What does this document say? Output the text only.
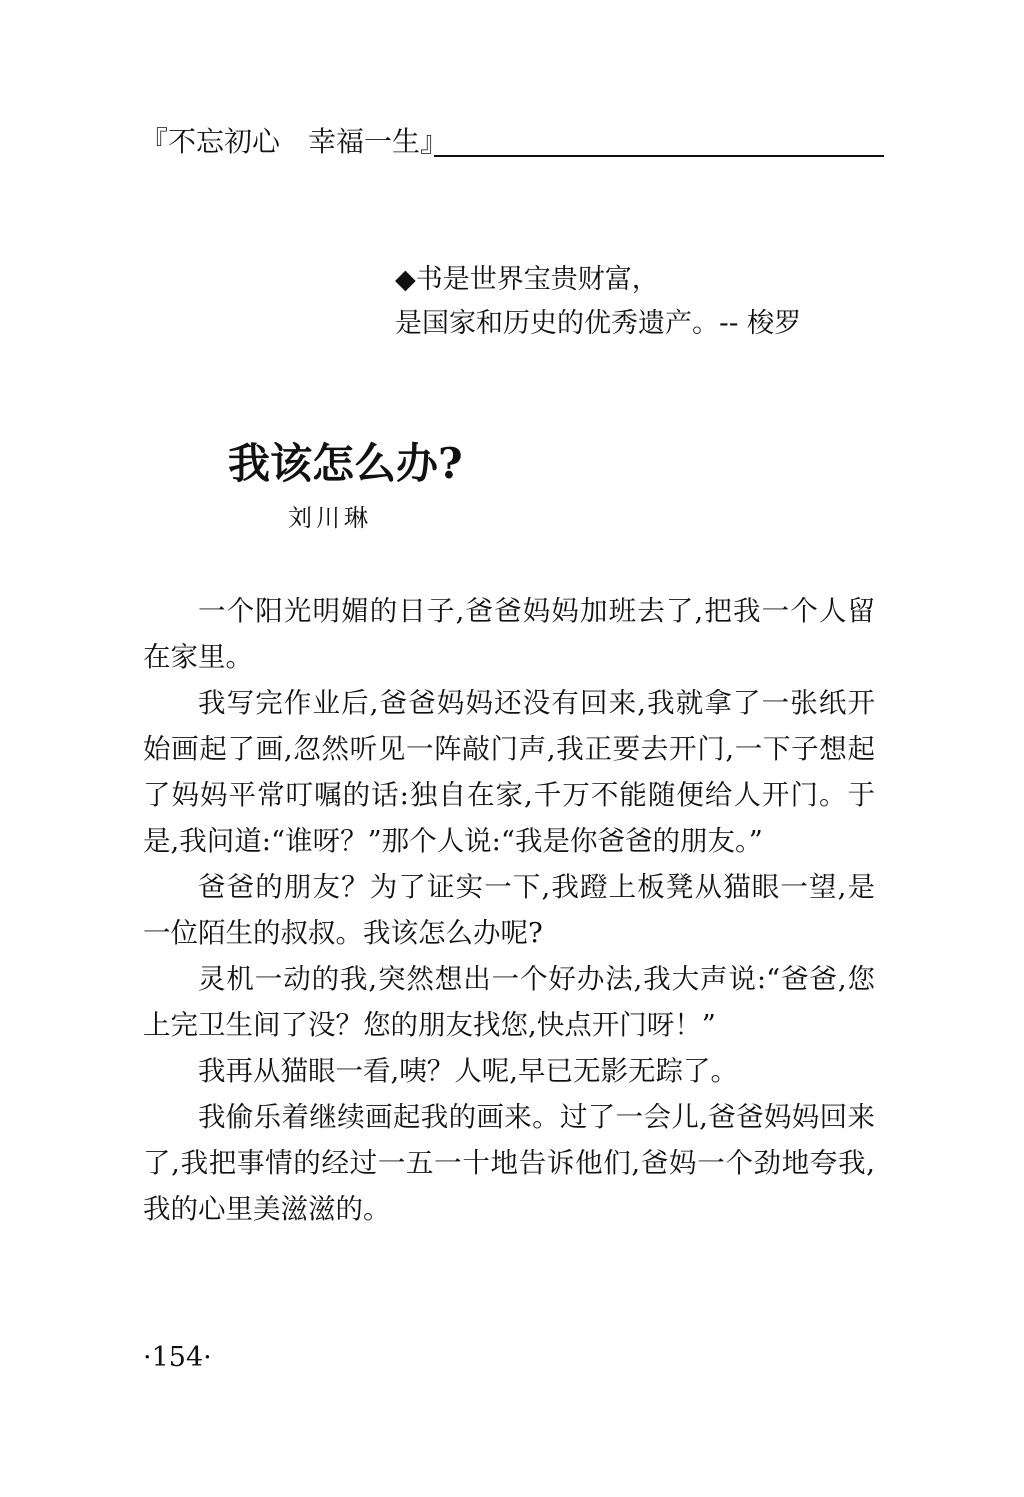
『不忘初心　幸福一生』
◆书是世界宝贵财富，
是国家和历史的优秀遗产。-- 梭罗
我该怎么办?
刘川琳

一个阳光明媚的日子,爸爸妈妈加班去了,把我一个人留在家里。

我写完作业后,爸爸妈妈还没有回来,我就拿了一张纸开始画起了画,忽然听见一阵敲门声,我正要去开门,一下子想起了妈妈平常叮嘱的话:独自在家,千万不能随便给人开门。于是,我问道:“谁呀？”那个人说:“我是你爸爸的朋友。”

爸爸的朋友？为了证实一下,我蹬上板凳从猫眼一望,是一位陌生的叔叔。我该怎么办呢?

灵机一动的我,突然想出一个好办法,我大声说:“爸爸,您上完卫生间了没？您的朋友找您,快点开门呀！”

我再从猫眼一看,咦？人呢,早已无影无踪了。

我偷乐着继续画起我的画来。过了一会儿,爸爸妈妈回来了,我把事情的经过一五一十地告诉他们,爸妈一个劲地夸我,我的心里美滋滋的。

·154·
